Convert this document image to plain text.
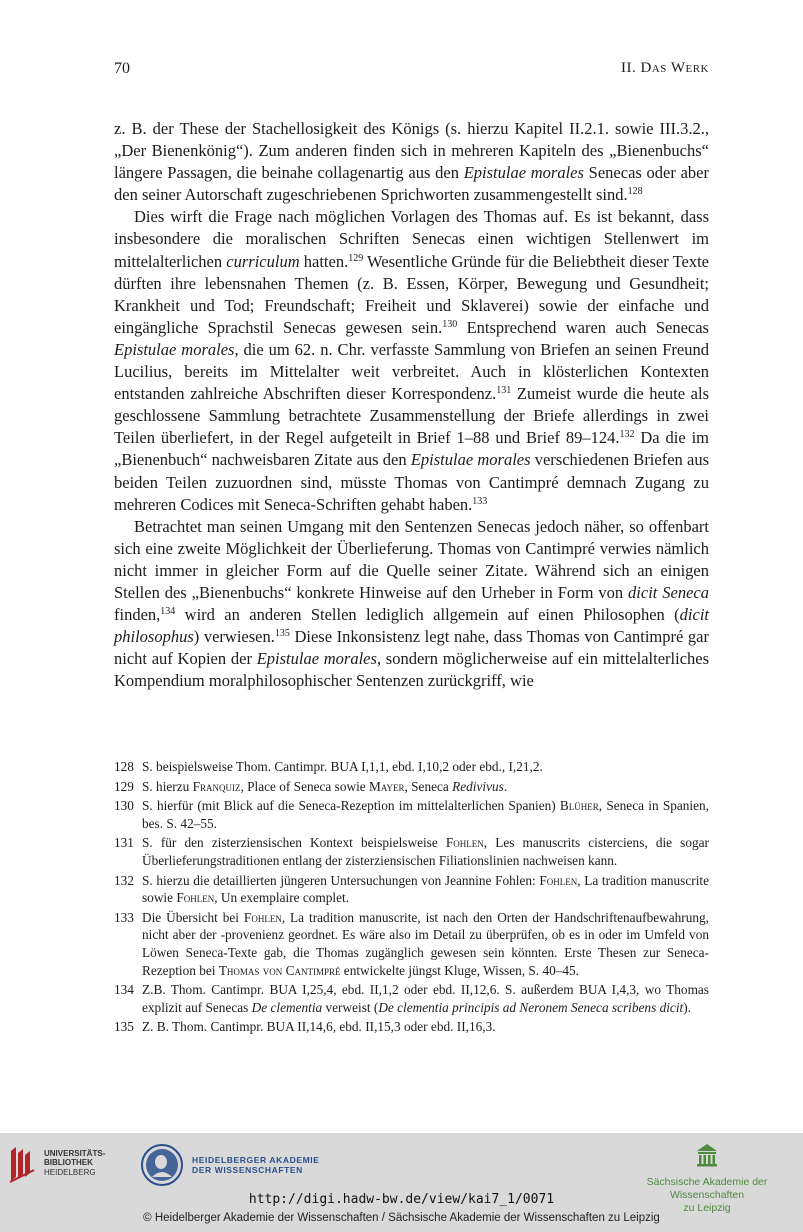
70	II. Das Werk

z. B. der These der Stachellosigkeit des Königs (s. hierzu Kapitel II.2.1. sowie III.3.2., „Der Bienenkönig“). Zum anderen finden sich in mehreren Kapiteln des „Bienenbuchs“ längere Passagen, die beinahe collagenartig aus den Epistulae morales Senecas oder aber den seiner Autorschaft zugeschriebenen Sprichworten zusammengestellt sind.$^{128}$

Dies wirft die Frage nach möglichen Vorlagen des Thomas auf. Es ist bekannt, dass insbesondere die moralischen Schriften Senecas einen wichtigen Stellenwert im mittelalterlichen curriculum hatten.$^{129}$ Wesentliche Gründe für die Beliebtheit dieser Texte dürften ihre lebensnahen Themen (z. B. Essen, Körper, Bewegung und Gesundheit; Krankheit und Tod; Freundschaft; Freiheit und Sklaverei) sowie der einfache und eingängliche Sprachstil Senecas gewesen sein.$^{130}$ Entsprechend waren auch Senecas Epistulae morales, die um 62. n. Chr. verfasste Sammlung von Briefen an seinen Freund Lucilius, bereits im Mittelalter weit verbreitet. Auch in klösterlichen Kontexten entstanden zahlreiche Abschriften dieser Korrespondenz.$^{131}$ Zumeist wurde die heute als geschlossene Sammlung betrachtete Zusammenstellung der Briefe allerdings in zwei Teilen überliefert, in der Regel aufgeteilt in Brief 1–88 und Brief 89–124.$^{132}$ Da die im „Bienenbuch“ nachweisbaren Zitate aus den Epistulae morales verschiedenen Briefen aus beiden Teilen zuzuordnen sind, müsste Thomas von Cantimpré demnach Zugang zu mehreren Codices mit Seneca-Schriften gehabt haben.$^{133}$

Betrachtet man seinen Umgang mit den Sentenzen Senecas jedoch näher, so offenbart sich eine zweite Möglichkeit der Überlieferung. Thomas von Cantimpré verwies nämlich nicht immer in gleicher Form auf die Quelle seiner Zitate. Während sich an einigen Stellen des „Bienenbuchs“ konkrete Hinweise auf den Urheber in Form von dicit Seneca finden,$^{134}$ wird an anderen Stellen lediglich allgemein auf einen Philosophen (dicit philosophus) verwiesen.$^{135}$ Diese Inkonsistenz legt nahe, dass Thomas von Cantimpré gar nicht auf Kopien der Epistulae morales, sondern möglicherweise auf ein mittelalterliches Kompendium moralphilosophischer Sentenzen zurückgriff, wie

128 S. beispielsweise Thom. Cantimpr. BUA I,1,1, ebd. I,10,2 oder ebd., I,21,2.
129 S. hierzu Franquiz, Place of Seneca sowie Mayer, Seneca Redivivus.
130 S. hierfür (mit Blick auf die Seneca-Rezeption im mittelalterlichen Spanien) Blüher, Seneca in Spanien, bes. S. 42–55.
131 S. für den zisterziensischen Kontext beispielsweise Fohlen, Les manuscrits cisterciens, die sogar Überlieferungstraditionen entlang der zisterziensischen Filiationslinien nachweisen kann.
132 S. hierzu die detaillierten jüngeren Untersuchungen von Jeannine Fohlen: Fohlen, La tradition manuscrite sowie Fohlen, Un exemplaire complet.
133 Die Übersicht bei Fohlen, La tradition manuscrite, ist nach den Orten der Handschriftenaufbewahrung, nicht aber der -provenienz geordnet. Es wäre also im Detail zu überprüfen, ob es in oder im Umfeld von Löwen Seneca-Texte gab, die Thomas zugänglich gewesen sein könnten. Erste Thesen zur Seneca-Rezeption bei Thomas von Cantimpré entwickelte jüngst Kluge, Wissen, S. 40–45.
134 Z.B. Thom. Cantimpr. BUA I,25,4, ebd. II,1,2 oder ebd. II,12,6. S. außerdem BUA I,4,3, wo Thomas explizit auf Senecas De clementia verweist (De clementia principis ad Neronem Seneca scribens dicit).
135 Z. B. Thom. Cantimpr. BUA II,14,6, ebd. II,15,3 oder ebd. II,16,3.
UNIVERSITÄTS-
BIBLIOTHEK
HEIDELBERG
HEIDELBERGER AKADEMIE
DER WISSENSCHAFTEN
Sächsische Akademie der Wissenschaften
zu Leipzig
http://digi.hadw-bw.de/view/kai7_1/0071
© Heidelberger Akademie der Wissenschaften / Sächsische Akademie der Wissenschaften zu Leipzig
